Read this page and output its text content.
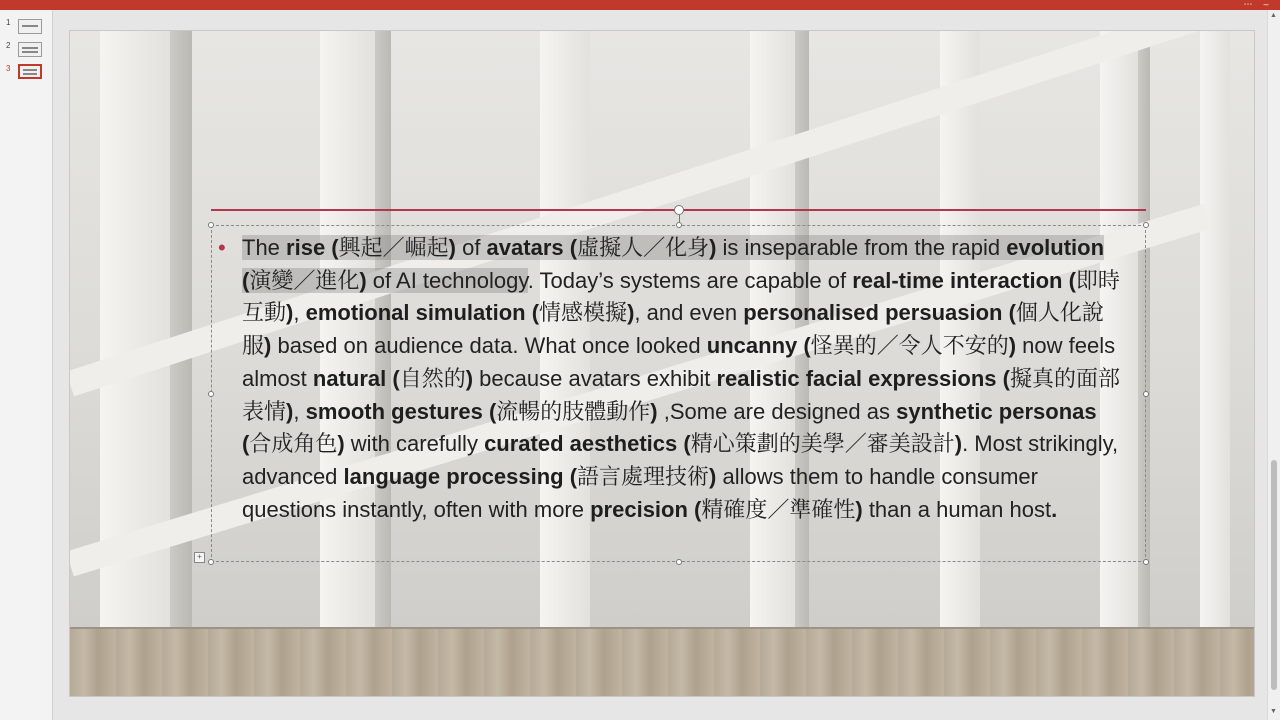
⋯	–
1
2
3
▲
▼
+
• The rise (興起／崛起) of avatars (虛擬人／化身) is inseparable from the rapid evolution (演變／進化) of AI technology. Today’s systems are capable of real-time interaction (即時互動), emotional simulation (情感模擬), and even personalised persuasion (個人化說服) based on audience data. What once looked uncanny (怪異的／令人不安的) now feels almost natural (自然的) because avatars exhibit realistic facial expressions (擬真的面部表情), smooth gestures (流暢的肢體動作) ,Some are designed as synthetic personas (合成角色) with carefully curated aesthetics (精心策劃的美學／審美設計). Most strikingly, advanced language processing (語言處理技術) allows them to handle consumer questions instantly, often with more precision (精確度／準確性) than a human host.
